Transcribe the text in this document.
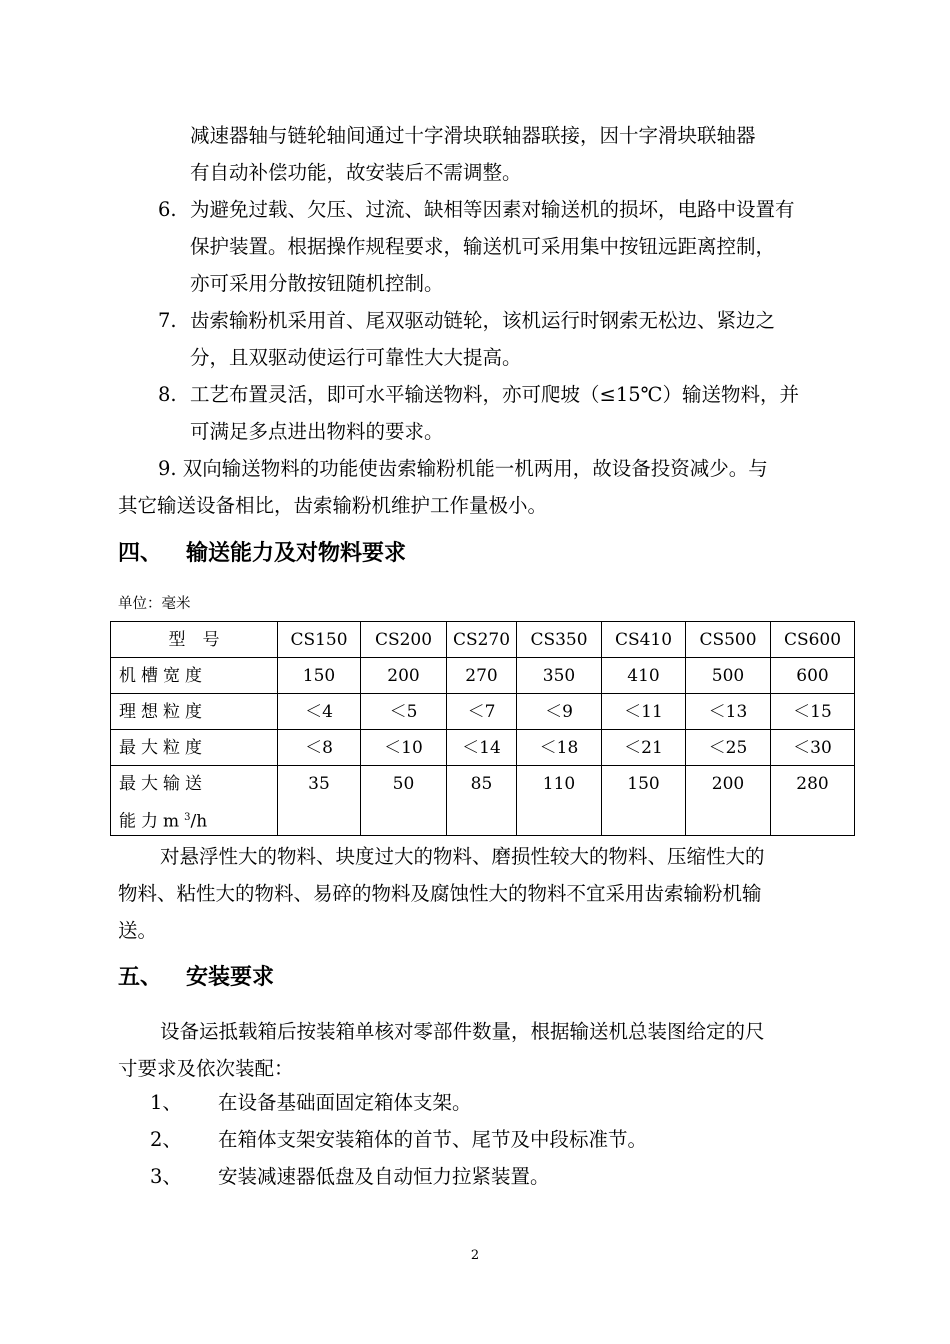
减速器轴与链轮轴间通过十字滑块联轴器联接，因十字滑块联轴器
有自动补偿功能，故安装后不需调整。
6. 为避免过载、欠压、过流、缺相等因素对输送机的损坏，电路中设置有
保护装置。根据操作规程要求，输送机可采用集中按钮远距离控制，
亦可采用分散按钮随机控制。
7. 齿索输粉机采用首、尾双驱动链轮，该机运行时钢索无松边、紧边之
分，且双驱动使运行可靠性大大提高。
8. 工艺布置灵活，即可水平输送物料，亦可爬坡（≤15℃）输送物料，并
可满足多点进出物料的要求。
9. 双向输送物料的功能使齿索输粉机能一机两用，故设备投资减少。与
其它输送设备相比，齿索输粉机维护工作量极小。
四、 输送能力及对物料要求
单位：毫米
型　号	CS150	CS200	CS270	CS350	CS410	CS500	CS600
机槽宽度	150	200	270	350	410	500	600
理想粒度	＜4	＜5	＜7	＜9	＜11	＜13	＜15
最大粒度	＜8	＜10	＜14	＜18	＜21	＜25	＜30

最大输送
能力$m^3/h$	35	50	85	110	150	200	280
对悬浮性大的物料、块度过大的物料、磨损性较大的物料、压缩性大的
物料、粘性大的物料、易碎的物料及腐蚀性大的物料不宜采用齿索输粉机输
送。
五、 安装要求
设备运抵载箱后按装箱单核对零部件数量，根据输送机总装图给定的尺
寸要求及依次装配：
1、 在设备基础面固定箱体支架。
2、 在箱体支架安装箱体的首节、尾节及中段标准节。
3、 安装减速器低盘及自动恒力拉紧装置。
2
